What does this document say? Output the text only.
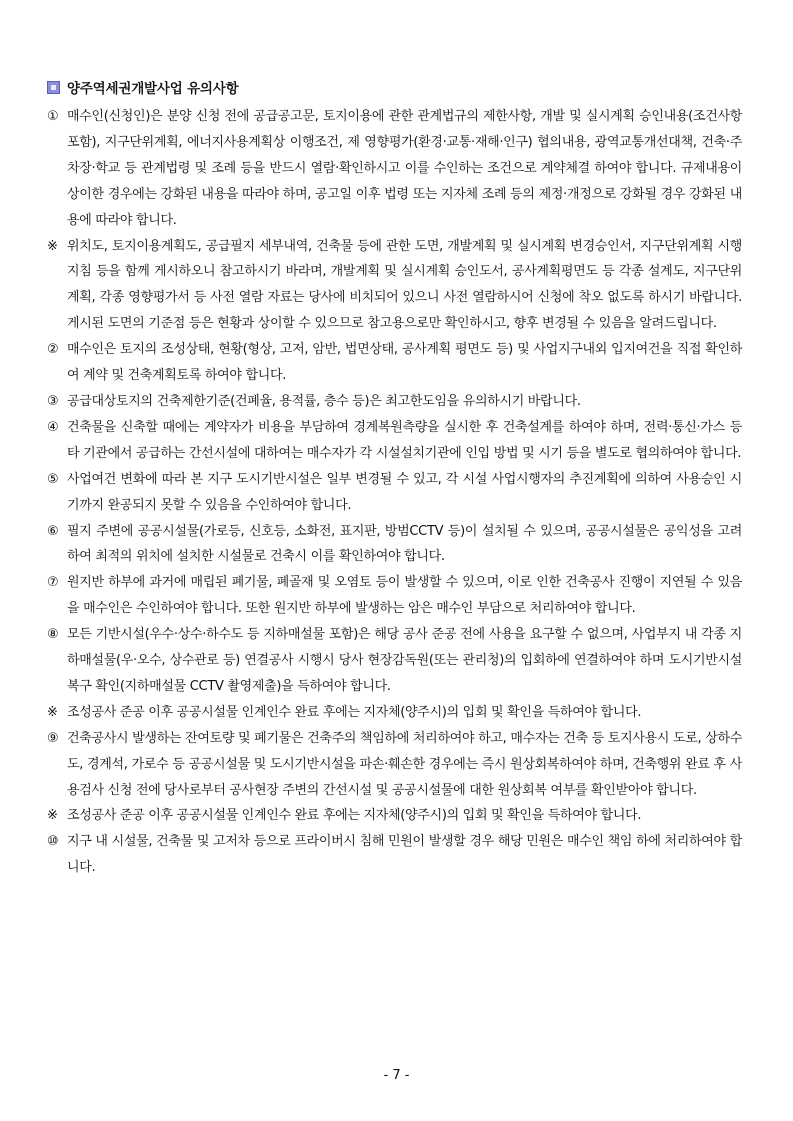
양주역세권개발사업 유의사항
① 매수인(신청인)은 분양 신청 전에 공급공고문, 토지이용에 관한 관계법규의 제한사항, 개발 및 실시계획 승인내용(조건사항 포함), 지구단위계획, 에너지사용계획상 이행조건, 제 영향평가(환경·교통·재해·인구) 협의내용, 광역교통개선대책, 건축·주차장·학교 등 관계법령 및 조례 등을 반드시 열람·확인하시고 이를 수인하는 조건으로 계약체결 하여야 합니다. 규제내용이 상이한 경우에는 강화된 내용을 따라야 하며, 공고일 이후 법령 또는 지자체 조례 등의 제정·개정으로 강화될 경우 강화된 내용에 따라야 합니다.
※ 위치도, 토지이용계획도, 공급필지 세부내역, 건축물 등에 관한 도면, 개발계획 및 실시계획 변경승인서, 지구단위계획 시행지침 등을 함께 게시하오니 참고하시기 바라며, 개발계획 및 실시계획 승인도서, 공사계획평면도 등 각종 설계도, 지구단위계획, 각종 영향평가서 등 사전 열람 자료는 당사에 비치되어 있으니 사전 열람하시어 신청에 착오 없도록 하시기 바랍니다. 게시된 도면의 기준점 등은 현황과 상이할 수 있으므로 참고용으로만 확인하시고, 향후 변경될 수 있음을 알려드립니다.
② 매수인은 토지의 조성상태, 현황(형상, 고저, 암반, 법면상태, 공사계획 평면도 등) 및 사업지구내외 입지여건을 직접 확인하여 계약 및 건축계획토록 하여야 합니다.
③ 공급대상토지의 건축제한기준(건폐율, 용적률, 층수 등)은 최고한도임을 유의하시기 바랍니다.
④ 건축물을 신축할 때에는 계약자가 비용을 부담하여 경계복원측량을 실시한 후 건축설계를 하여야 하며, 전력·통신·가스 등 타 기관에서 공급하는 간선시설에 대하여는 매수자가 각 시설설치기관에 인입 방법 및 시기 등을 별도로 협의하여야 합니다.
⑤ 사업여건 변화에 따라 본 지구 도시기반시설은 일부 변경될 수 있고, 각 시설 사업시행자의 추진계획에 의하여 사용승인 시기까지 완공되지 못할 수 있음을 수인하여야 합니다.
⑥ 필지 주변에 공공시설물(가로등, 신호등, 소화전, 표지판, 방범CCTV 등)이 설치될 수 있으며, 공공시설물은 공익성을 고려하여 최적의 위치에 설치한 시설물로 건축시 이를 확인하여야 합니다.
⑦ 원지반 하부에 과거에 매립된 폐기물, 폐골재 및 오염토 등이 발생할 수 있으며, 이로 인한 건축공사 진행이 지연될 수 있음을 매수인은 수인하여야 합니다. 또한 원지반 하부에 발생하는 암은 매수인 부담으로 처리하여야 합니다.
⑧ 모든 기반시설(우수·상수·하수도 등 지하매설물 포함)은 해당 공사 준공 전에 사용을 요구할 수 없으며, 사업부지 내 각종 지하매설물(우·오수, 상수관로 등) 연결공사 시행시 당사 현장감독원(또는 관리청)의 입회하에 연결하여야 하며 도시기반시설 복구 확인(지하매설물 CCTV 촬영제출)을 득하여야 합니다.
※ 조성공사 준공 이후 공공시설물 인계인수 완료 후에는 지자체(양주시)의 입회 및 확인을 득하여야 합니다.
⑨ 건축공사시 발생하는 잔여토량 및 폐기물은 건축주의 책임하에 처리하여야 하고, 매수자는 건축 등 토지사용시 도로, 상하수도, 경계석, 가로수 등 공공시설물 및 도시기반시설을 파손·훼손한 경우에는 즉시 원상회복하여야 하며, 건축행위 완료 후 사용검사 신청 전에 당사로부터 공사현장 주변의 간선시설 및 공공시설물에 대한 원상회복 여부를 확인받아야 합니다.
※ 조성공사 준공 이후 공공시설물 인계인수 완료 후에는 지자체(양주시)의 입회 및 확인을 득하여야 합니다.
⑩ 지구 내 시설물, 건축물 및 고저차 등으로 프라이버시 침해 민원이 발생할 경우 해당 민원은 매수인 책임 하에 처리하여야 합니다.
- 7 -
